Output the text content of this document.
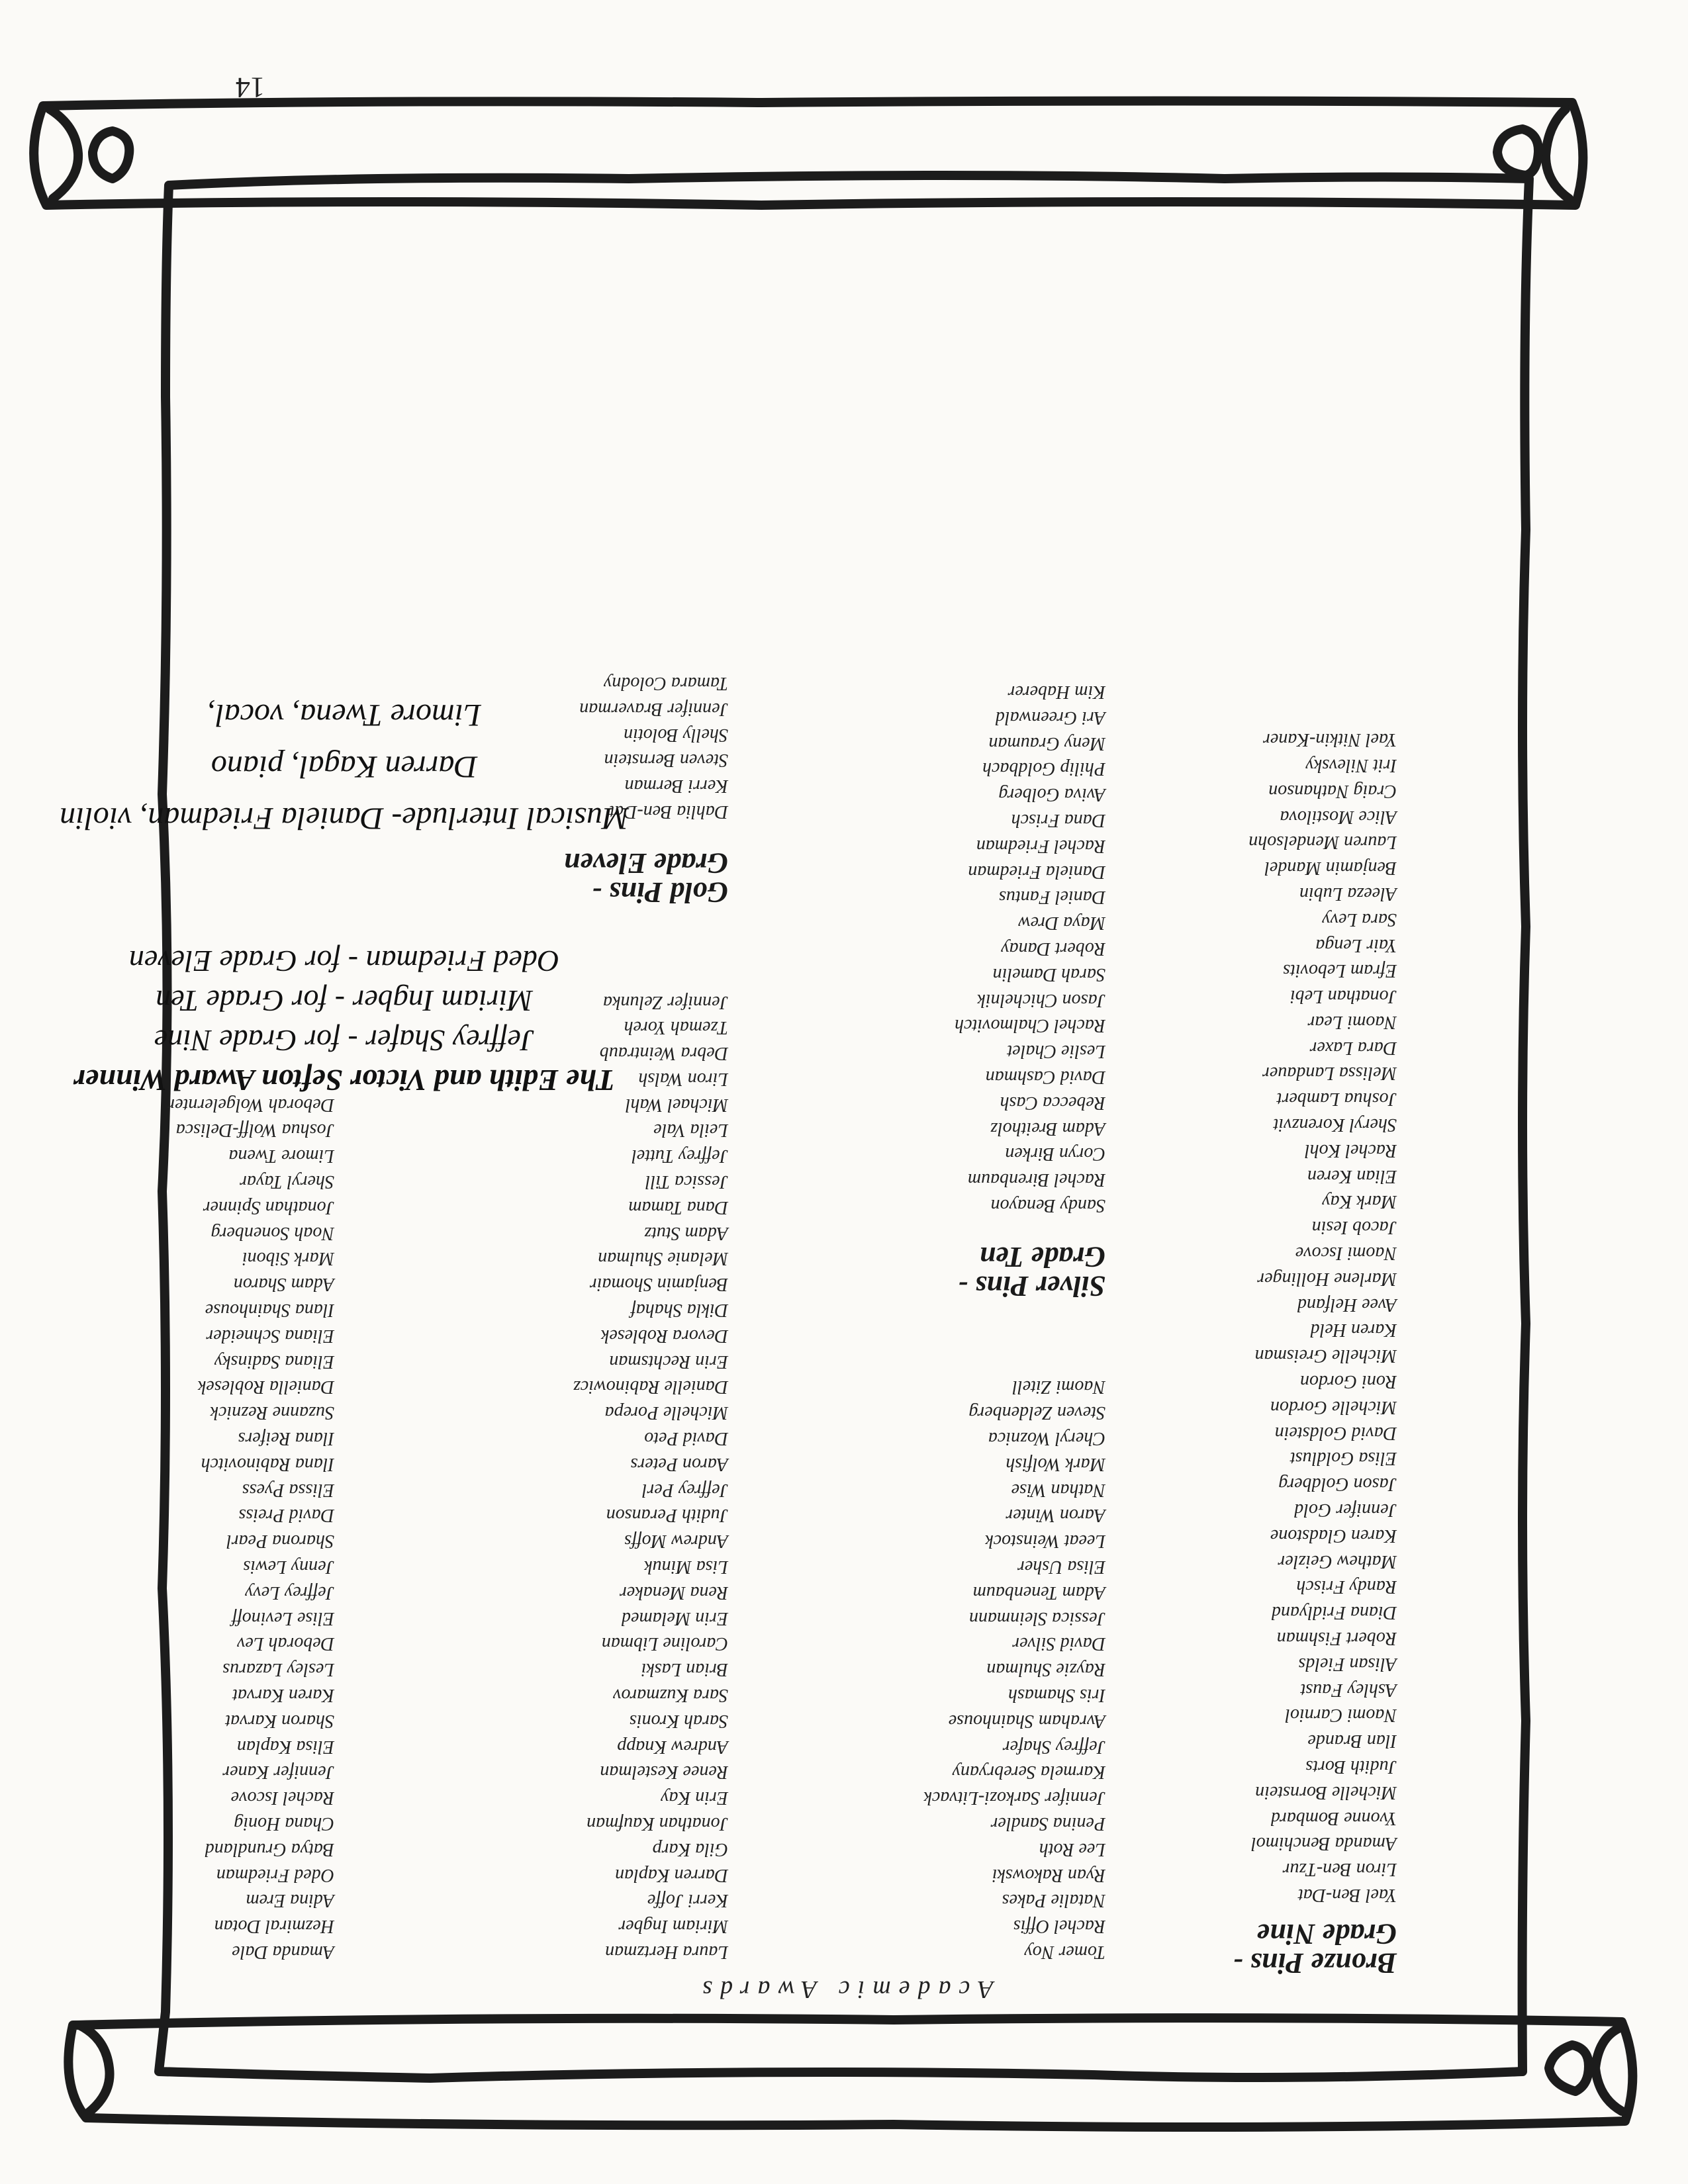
14
Academic Awards
Bronze Pins -
Grade Nine
Yael Ben-Dat
Liron Ben-Tzur
Amanda Benchimol
Yvonne Bombard
Michelle Bornstein
Judith Borts
Ilan Brande
Naomi Carniol
Ashley Faust
Alisan Fields
Robert Fishman
Diana Fridlyand
Randy Frisch
Mathew Geizler
Karen Gladstone
Jennifer Gold
Jason Goldberg
Elisa Goldlust
David Goldstein
Michelle Gordon
Roni Gordon
Michelle Greisman
Karen Held
Avee Helfand
Marlene Hollinger
Naomi Iscove
Jacob Iesin
Mark Kay
Elian Keren
Rachel Kohl
Sheryl Korenzvit
Joshua Lambert
Melissa Landauer
Dara Laxer
Naomi Lear
Jonathan Lebi
Efram Lebovits
Yair Lenga
Sara Levy
Aleeza Lubin
Benjamin Mandel
Lauren Mendelsohn
Alice Mostilova
Craig Nathanson
Irit Nilevsky
Yael Nitkin-Kaner
Tomer Noy
Rachel Offis
Natalie Pakes
Ryan Rakowski
Lee Roth
Penina Sandler
Jennifer Sarkozi-Litvack
Karmela Serebryany
Jeffrey Shafer
Avraham Shainhouse
Iris Shamash
Rayzie Shulman
David Silver
Jessica Sleinmann
Adam Tenenbaum
Elisa Usher
Leeat Weinstock
Aaron Winter
Nathan Wise
Mark Wolfish
Cheryl Woznica
Steven Zeldenberg
Naomi Zitell
Laura Hertzman
Miriam Ingber
Kerri Joffe
Darren Kaplan
Gila Karp
Jonathan Kaufman
Erin Kay
Renee Kestelman
Andrew Knapp
Sarah Kronis
Sara Kuzmarov
Brian Laski
Caroline Libman
Erin Melamed
Rena Menaker
Lisa Minuk
Andrew Moffs
Judith Peranson
Jeffrey Perl
Aaron Peters
David Peto
Michelle Porepa
Danielle Rabinowicz
Erin Rechtsman
Devora Roblesek
Dikla Shahaf
Benjamin Shomair
Melanie Shulman
Adam Stutz
Dana Tamam
Jessica Till
Jeffrey Tuttel
Leila Vale
Michael Wahl
Liron Walsh
Debra Weintraub
Tzemah Yoreh
Jennifer Zelunka
Amanda Dale
Hezmiral Dotan
Adina Erem
Oded Friedman
Batya Grundland
Chana Honig
Rachel Iscove
Jennifer Kaner
Elisa Kaplan
Sharon Karvat
Karen Karvat
Lesley Lazarus
Deborah Lev
Elise Levinoff
Jeffrey Levy
Jenny Lewis
Sharona Pearl
David Preiss
Elissa Pyess
Ilana Rabinovitch
Ilana Reifers
Suzanne Reznick
Daniella Roblesek
Eliana Sadinsky
Eliana Schneider
Ilana Shainhouse
Adam Sharon
Mark Siboni
Noah Sonenberg
Jonathan Spinner
Sheryl Tayar
Limore Twena
Joshua Wolff-Delisca
Deborah Wolgelernter
Silver Pins -
Grade Ten
Sandy Benayon
Rachel Birenbaum
Coryn Birken
Adam Breitholz
Rebecca Cash
David Cashman
Leslie Chalet
Rachel Chalmovitch
Jason Chichelnik
Sarah Damelin
Robert Danay
Maya Drew
Daniel Fantus
Daniela Friedman
Rachel Friedman
Dana Frisch
Aviva Golberg
Philip Goldbach
Meny Grauman
Ari Greenwald
Kim Haberer
Gold Pins -
Grade Eleven
Dahlia Ben-Dat
Kerri Berman
Steven Bernstein
Shelly Bolotin
Jennifer Braverman
Tamara Colodny
The Edith and Victor Sefton Award Winner
Jeffrey Shafer - for Grade Nine
Miriam Ingber - for Grade Ten
Oded Friedman - for Grade Eleven
Musical Interlude- Daniela Friedman, violin
Darren Kagal, piano
Limore Twena, vocal,
